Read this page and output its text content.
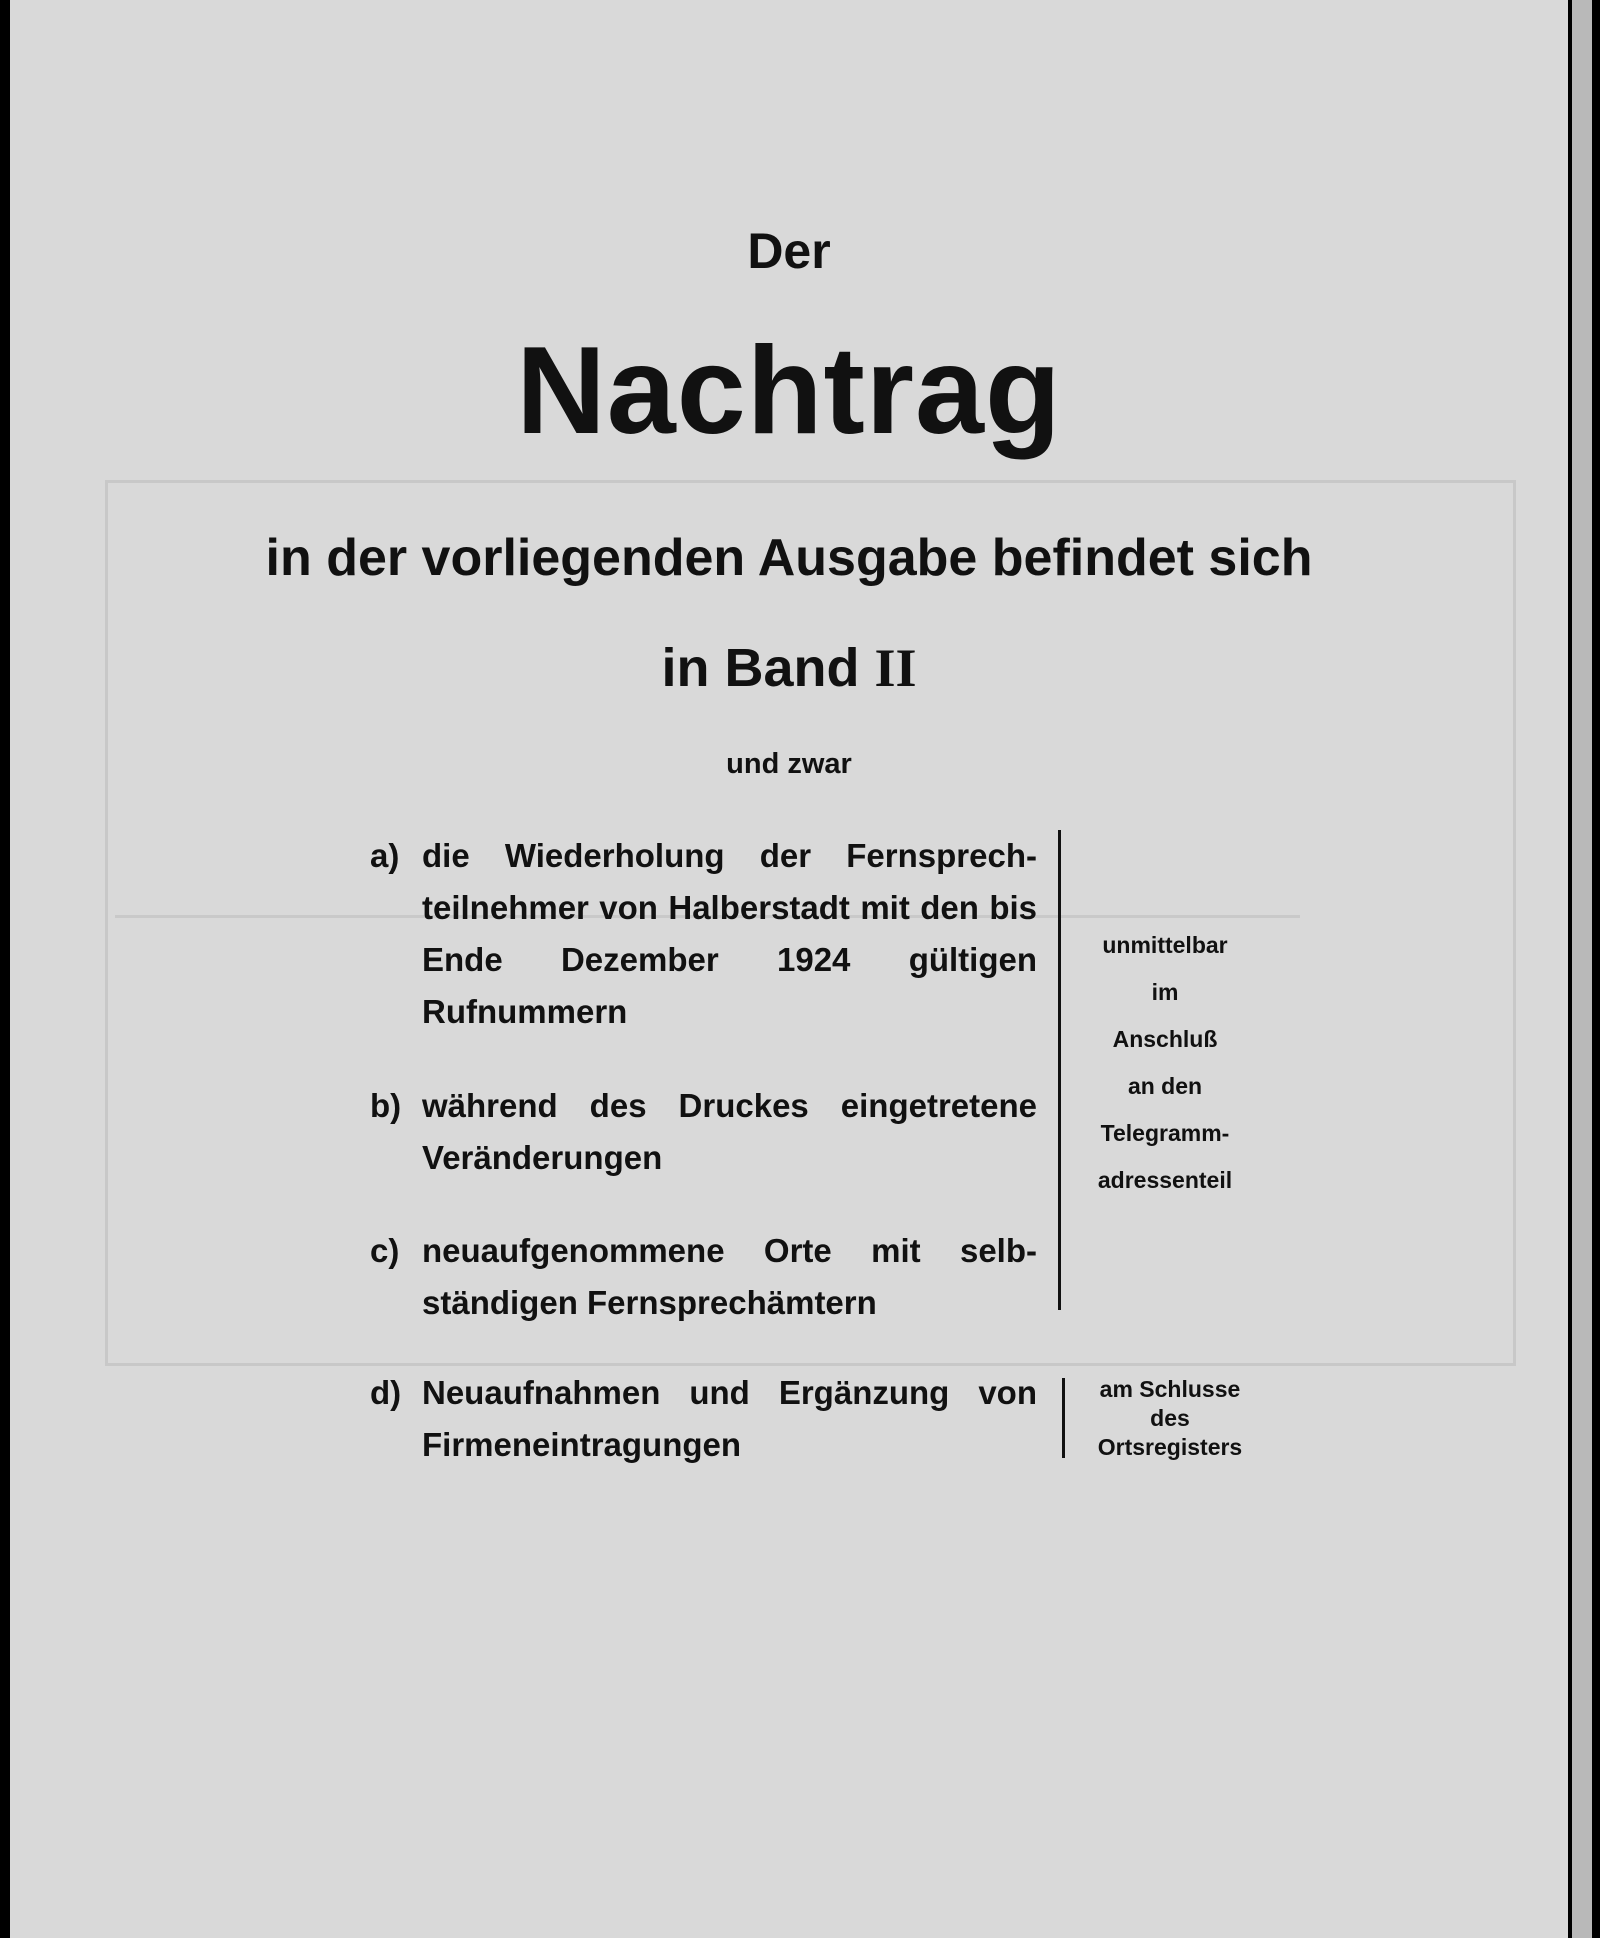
Der
Nachtrag
in der vorliegenden Ausgabe befindet sich
in Band II
und zwar
a) die Wiederholung der Fernsprech-teilnehmer von Halberstadt mit den bis Ende Dezember 1924 gültigen Rufnummern
b) während des Druckes eingetretene Veränderungen
c) neuaufgenommene Orte mit selb-ständigen Fernsprechämtern
d) Neuaufnahmen und Ergänzung von Firmeneintragungen
unmittelbar
im
Anschluß
an den
Telegramm-
adressenteil
am Schlusse
des
Ortsregisters
